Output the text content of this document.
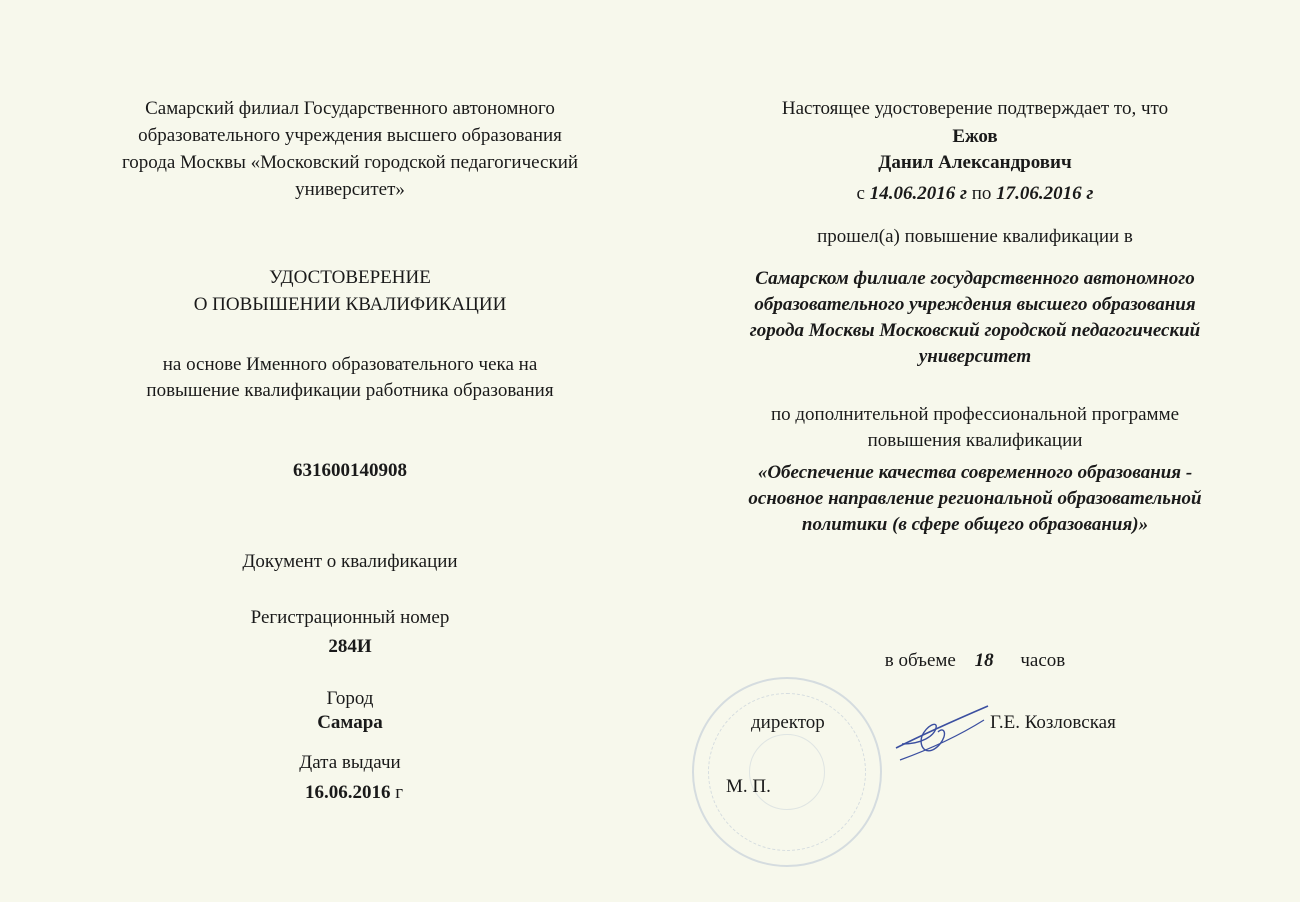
Самарский филиал Государственного автономного
образовательного учреждения высшего образования
города Москвы «Московский городской педагогический
университет»
УДОСТОВЕРЕНИЕ
О ПОВЫШЕНИИ КВАЛИФИКАЦИИ
на основе Именного образовательного чека на
повышение квалификации работника образования
631600140908
Документ о квалификации
Регистрационный номер
284И
Город
Самара
Дата выдачи
16.06.2016 г
Настоящее удостоверение подтверждает то, что
Ежов
Данил Александрович
с 14.06.2016 г по 17.06.2016 г
прошел(а) повышение квалификации в
Самарском филиале государственного автономного
образовательного учреждения высшего образования
города Москвы Московский городской педагогический
университет
по дополнительной профессиональной программе
повышения квалификации
«Обеспечение качества современного образования -
основное направление региональной образовательной
политики (в сфере общего образования)»
в объеме 18 часов
директор	Г.Е. Козловская
М. П.
